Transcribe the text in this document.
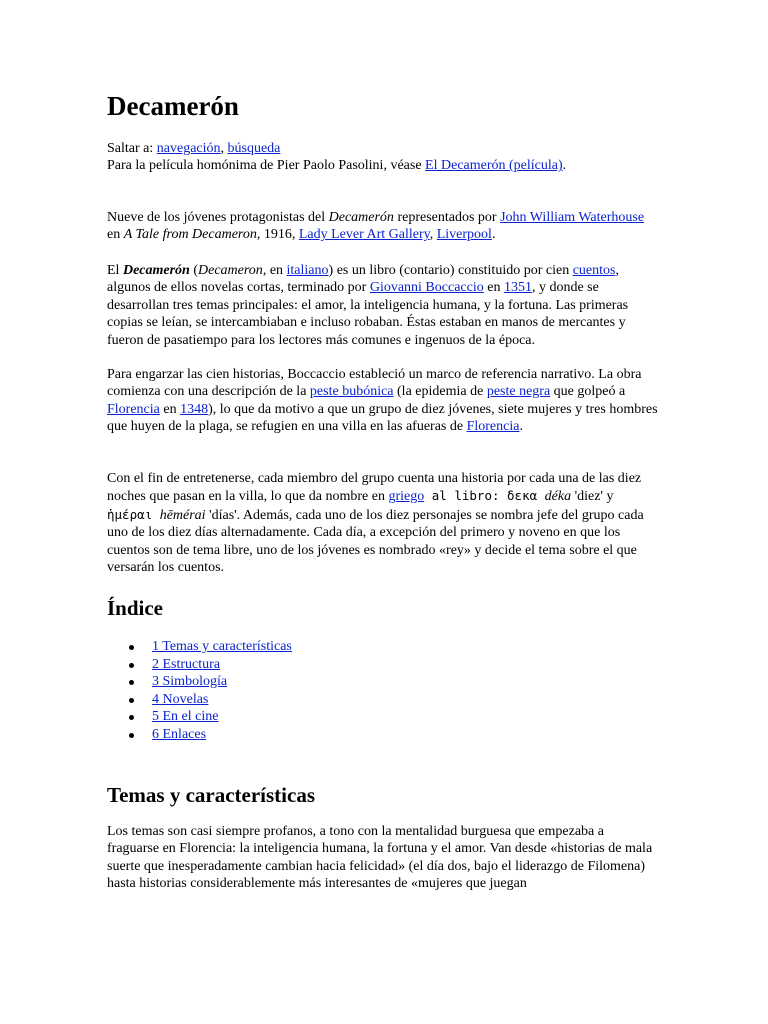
Decamerón

Saltar a: navegación, búsqueda

Para la película homónima de Pier Paolo Pasolini, véase El Decamerón (película).

Nueve de los jóvenes protagonistas del Decamerón representados por John William Waterhouse en A Tale from Decameron, 1916, Lady Lever Art Gallery, Liverpool.

El Decamerón (Decameron, en italiano) es un libro (contario) constituido por cien cuentos, algunos de ellos novelas cortas, terminado por Giovanni Boccaccio en 1351, y donde se desarrollan tres temas principales: el amor, la inteligencia humana, y la fortuna. Las primeras copias se leían, se intercambiaban e incluso robaban. Éstas estaban en manos de mercantes y fueron de pasatiempo para los lectores más comunes e ingenuos de la época.

Para engarzar las cien historias, Boccaccio estableció un marco de referencia narrativo. La obra comienza con una descripción de la peste bubónica (la epidemia de peste negra que golpeó a Florencia en 1348), lo que da motivo a que un grupo de diez jóvenes, siete mujeres y tres hombres que huyen de la plaga, se refugien en una villa en las afueras de Florencia.

Con el fin de entretenerse, cada miembro del grupo cuenta una historia por cada una de las diez noches que pasan en la villa, lo que da nombre en griego al libro: δεκα déka 'diez' y ἡμέραι hēmérai 'días'. Además, cada uno de los diez personajes se nombra jefe del grupo cada uno de los diez días alternadamente. Cada día, a excepción del primero y noveno en que los cuentos son de tema libre, uno de los jóvenes es nombrado «rey» y decide el tema sobre el que versarán los cuentos.

Índice
1 Temas y características
2 Estructura
3 Simbología
4 Novelas
5 En el cine
6 Enlaces
Temas y características

Los temas son casi siempre profanos, a tono con la mentalidad burguesa que empezaba a fraguarse en Florencia: la inteligencia humana, la fortuna y el amor. Van desde «historias de mala suerte que inesperadamente cambian hacia felicidad» (el día dos, bajo el liderazgo de Filomena) hasta historias considerablemente más interesantes de «mujeres que juegan
